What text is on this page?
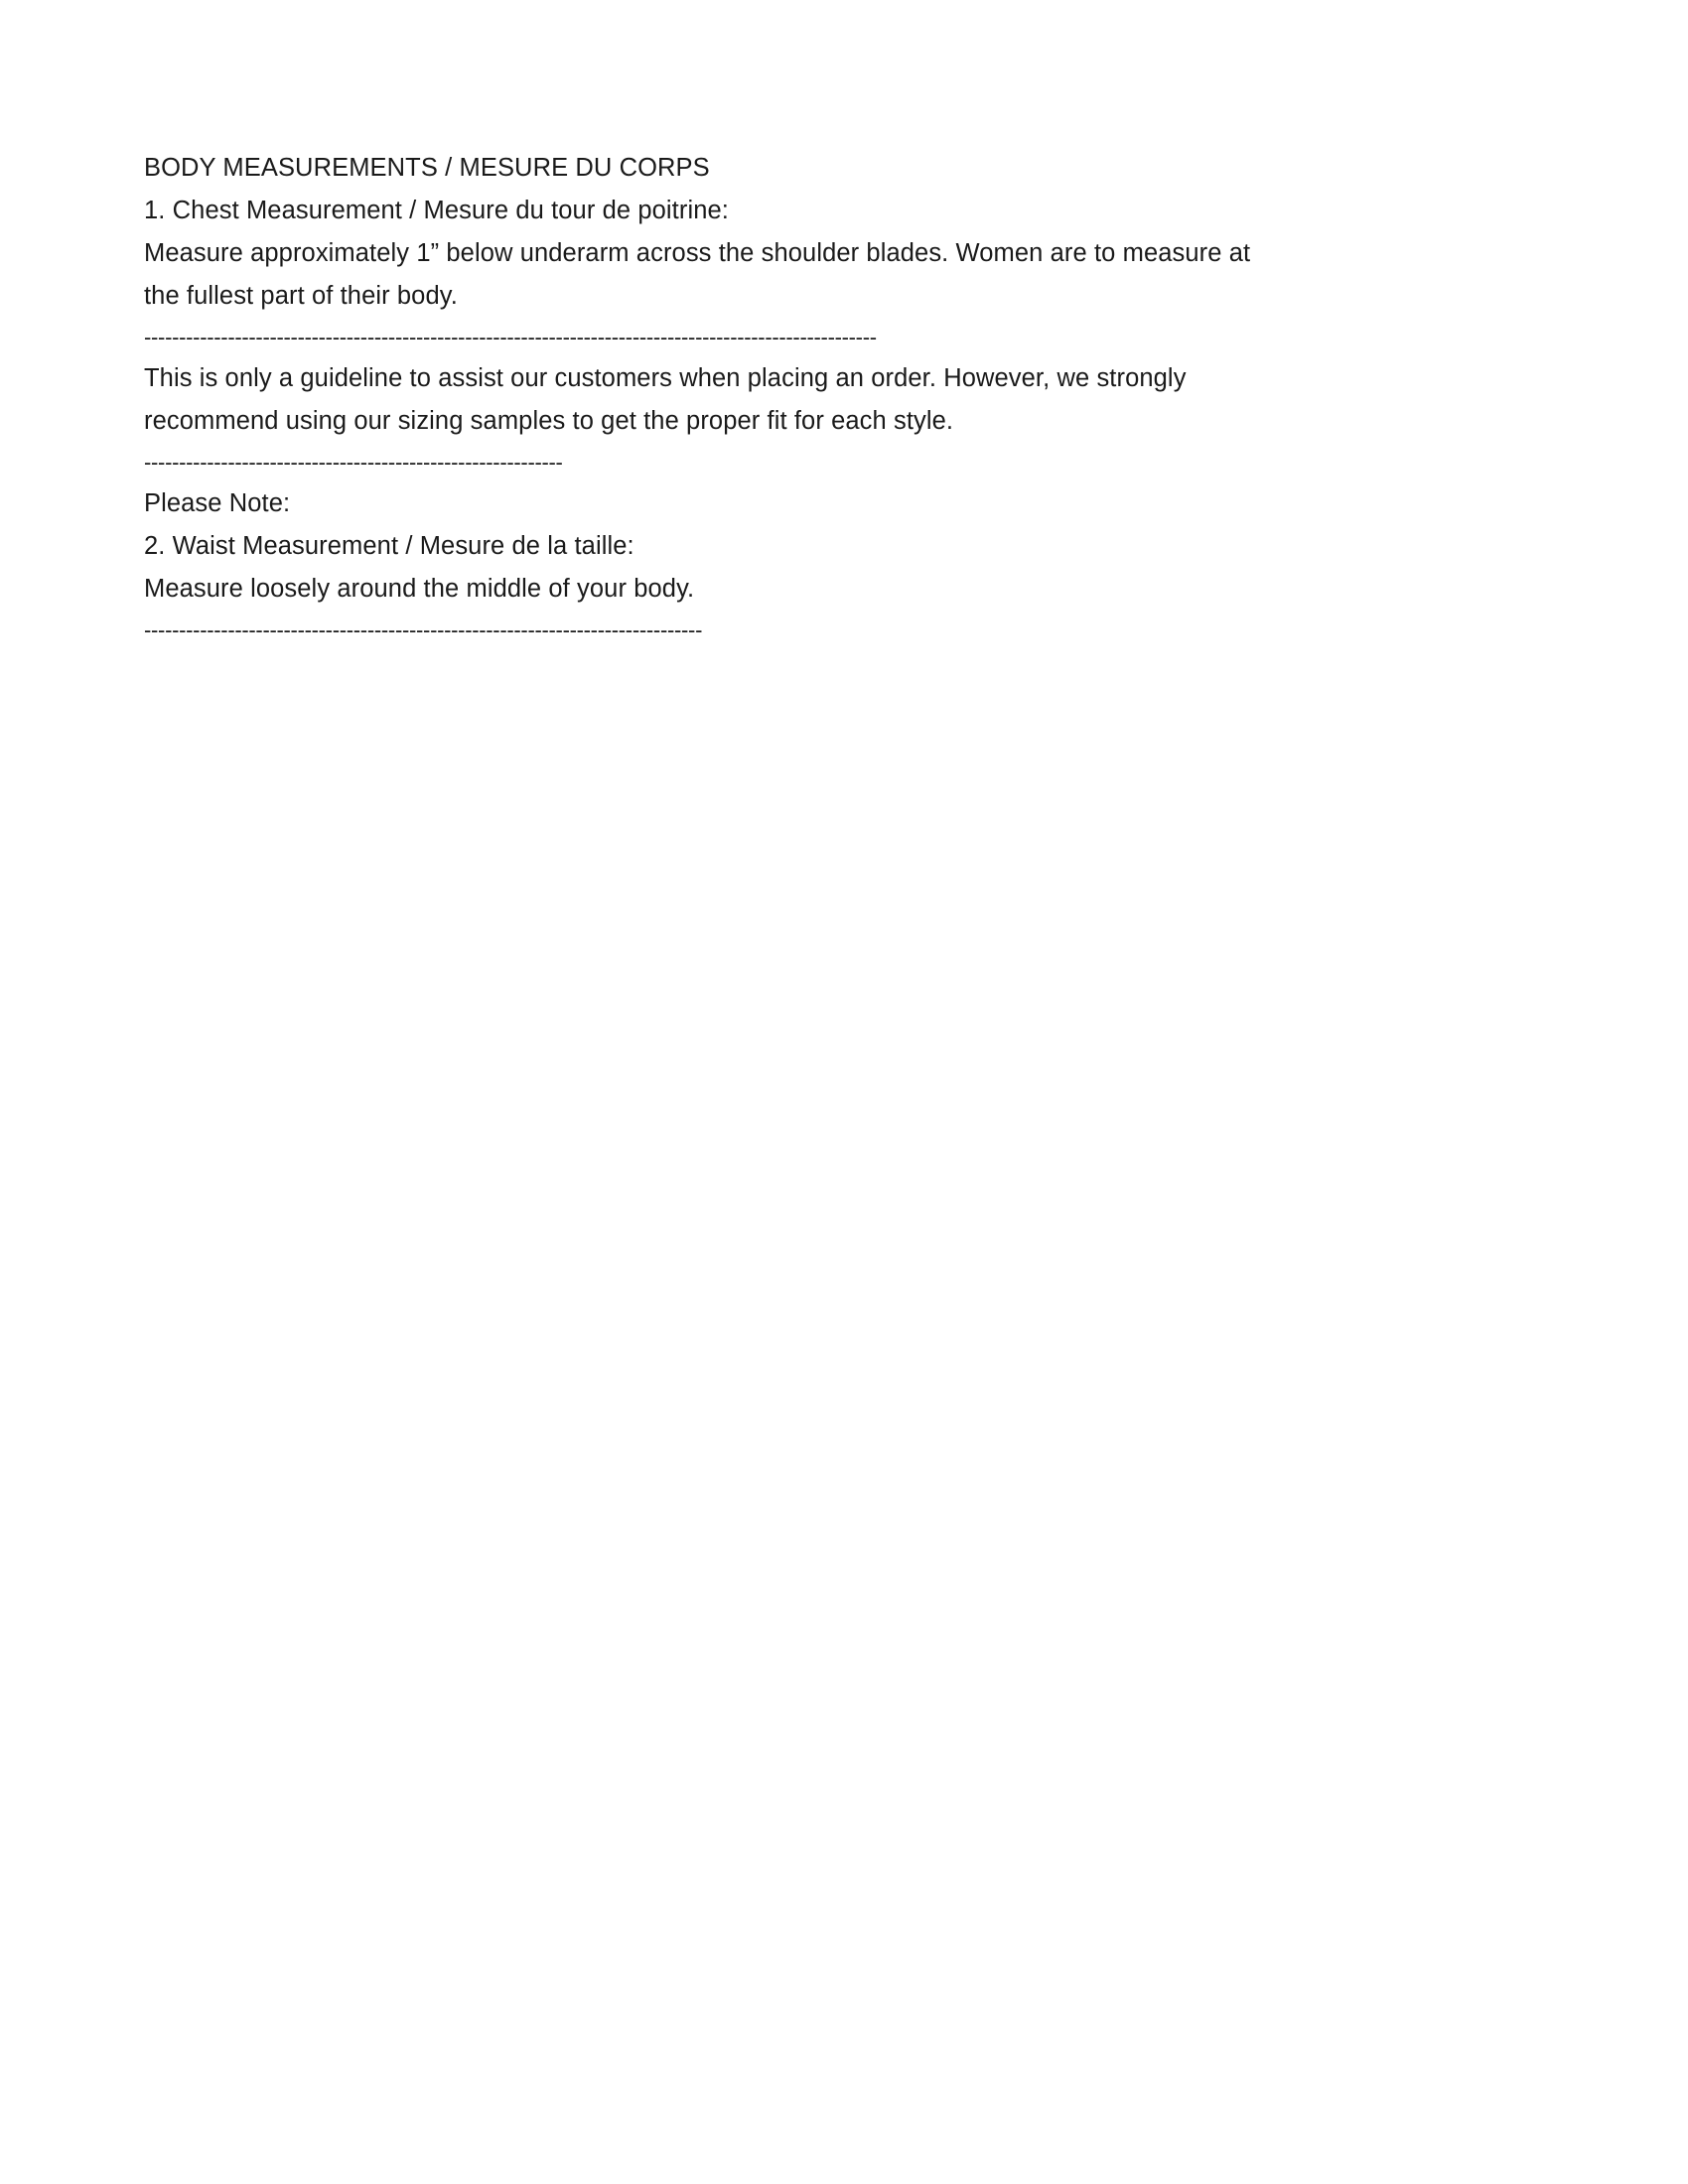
BODY MEASUREMENTS / MESURE DU CORPS
1. Chest Measurement / Mesure du tour de poitrine:
Measure approximately 1” below underarm across the shoulder blades. Women are to measure at the fullest part of their body.
---------------------------------------------------------------------------------------------------------
This is only a guideline to assist our customers when placing an order. However, we strongly recommend using our sizing samples to get the proper fit for each style.
------------------------------------------------------------
Please Note:
2. Waist Measurement / Mesure de la taille:
Measure loosely around the middle of your body.
--------------------------------------------------------------------------------
